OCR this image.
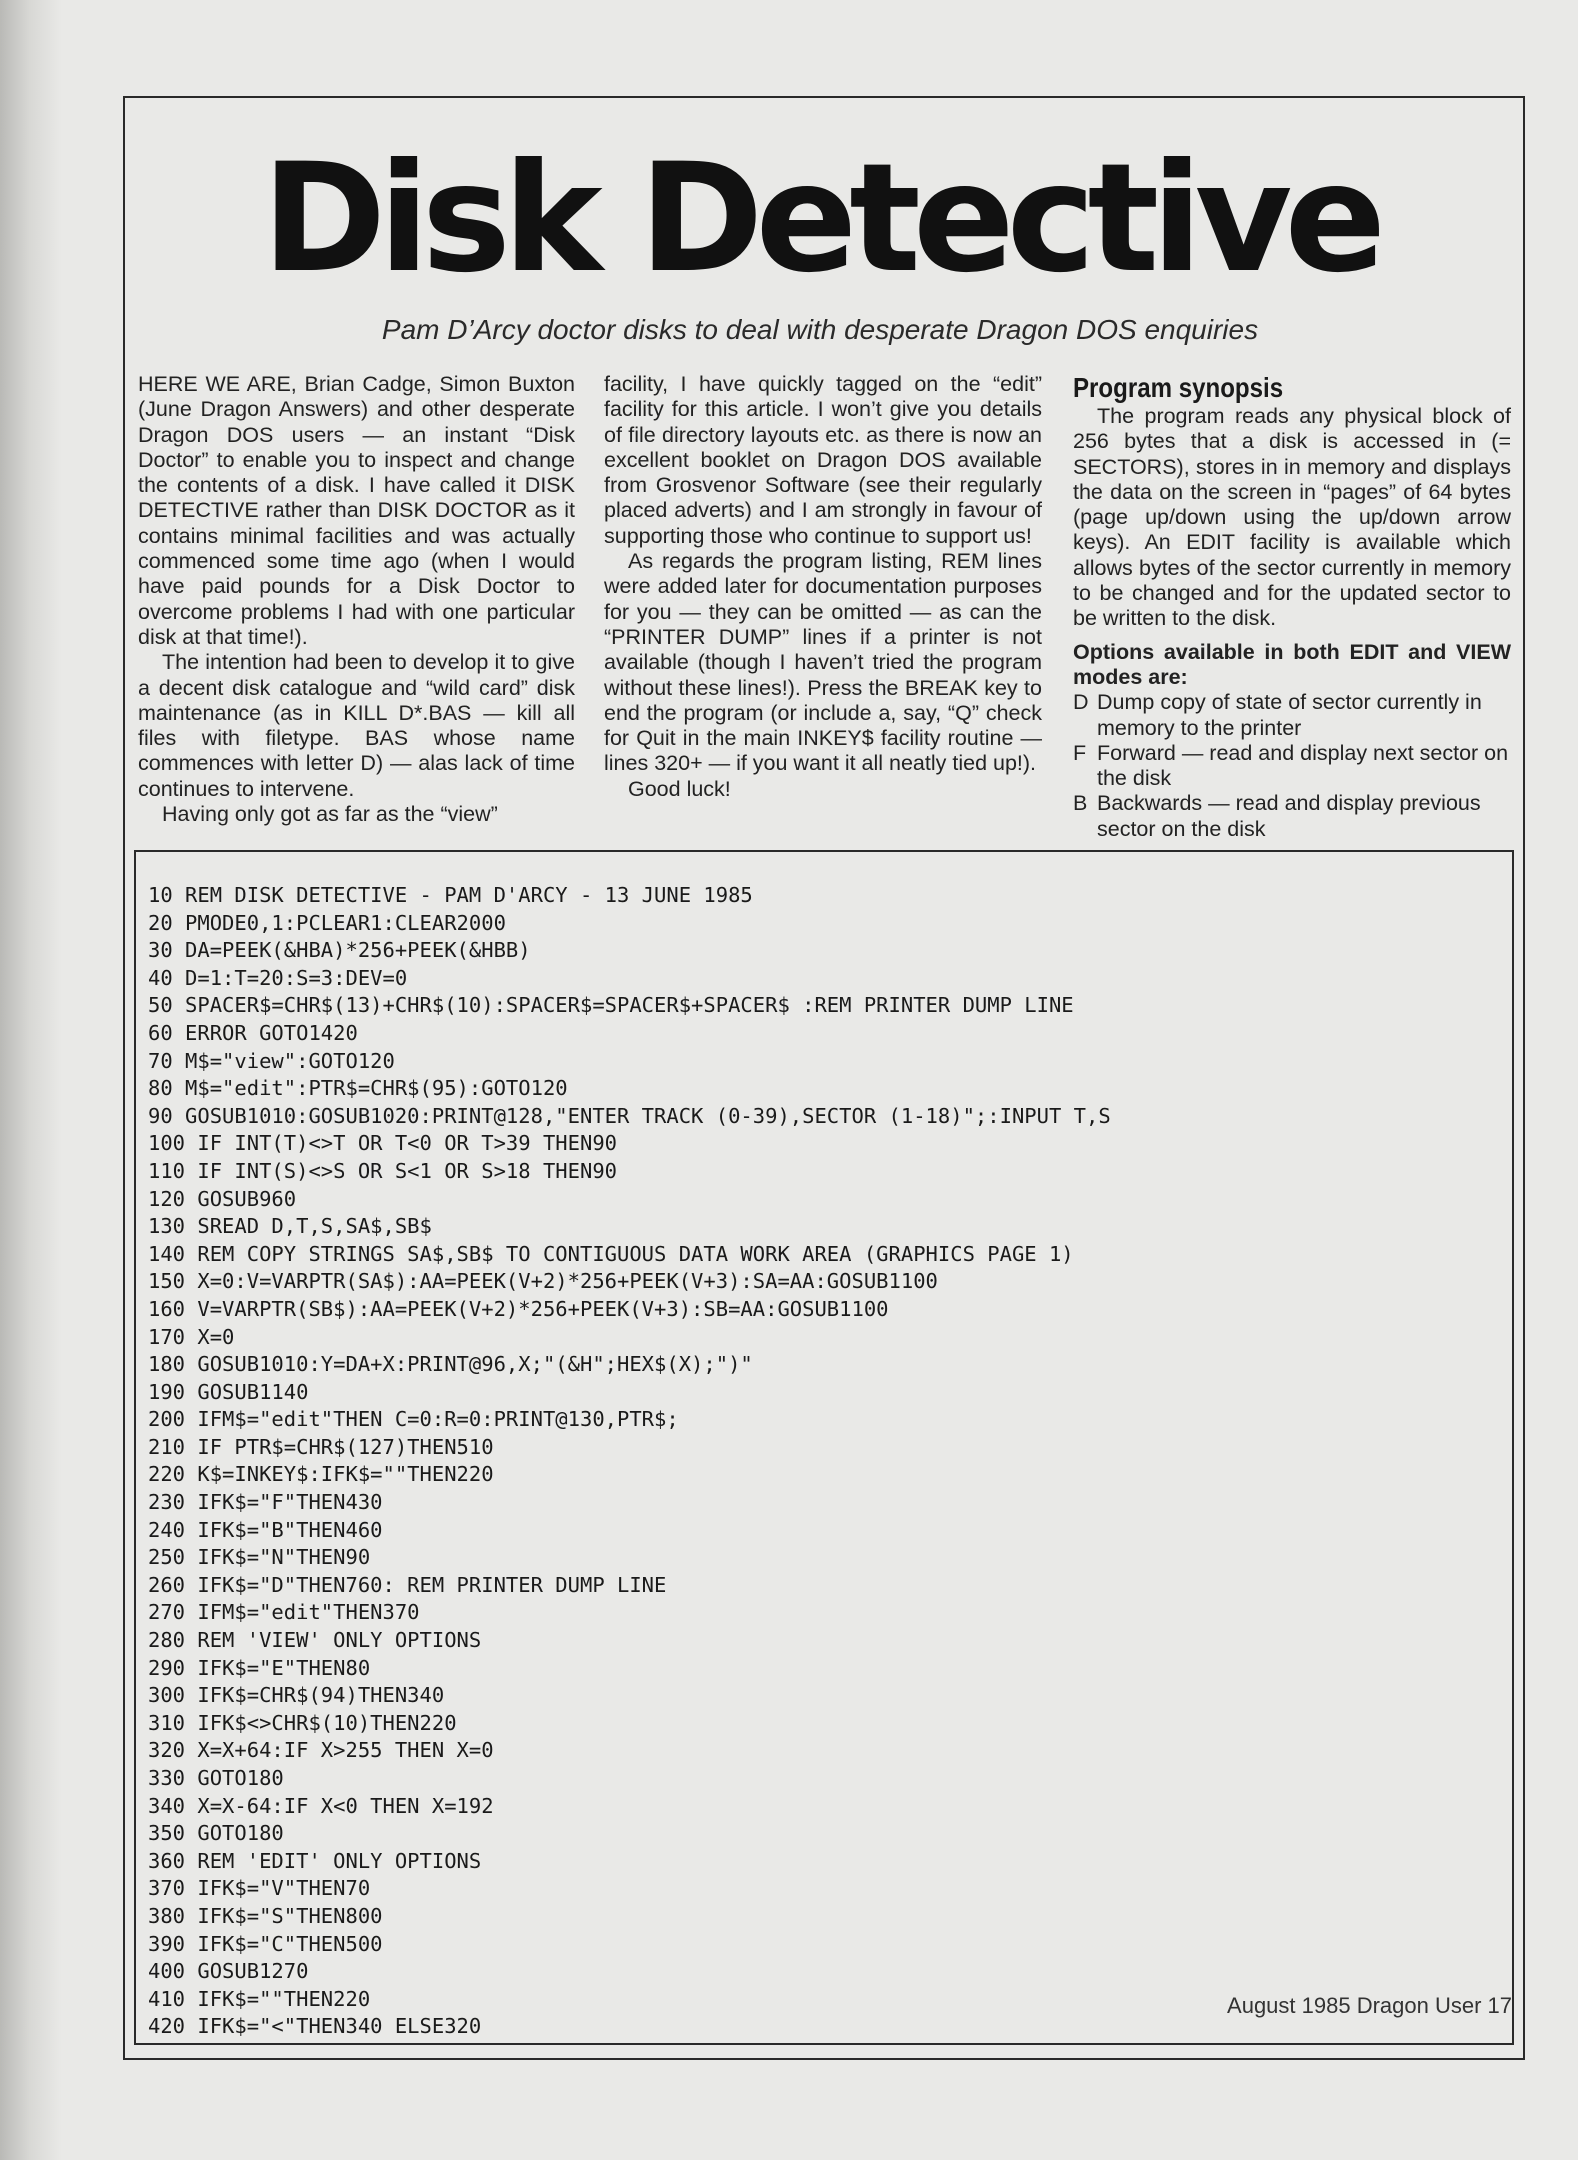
Disk Detective
Pam D’Arcy doctor disks to deal with desperate Dragon DOS enquiries

HERE WE ARE, Brian Cadge, Simon Buxton (June Dragon Answers) and other desperate Dragon DOS users — an instant “Disk Doctor” to enable you to inspect and change the contents of a disk. I have called it DISK DETECTIVE rather than DISK DOCTOR as it contains minimal facilities and was actually commenced some time ago (when I would have paid pounds for a Disk Doctor to overcome problems I had with one particular disk at that time!).

The intention had been to develop it to give a decent disk catalogue and “wild card” disk maintenance (as in KILL D*.BAS — kill all files with filetype. BAS whose name commences with letter D) — alas lack of time continues to intervene.

Having only got as far as the “view”

facility, I have quickly tagged on the “edit” facility for this article. I won’t give you details of file directory layouts etc. as there is now an excellent booklet on Dragon DOS available from Grosvenor Software (see their regularly placed adverts) and I am strongly in favour of supporting those who continue to support us!

As regards the program listing, REM lines were added later for documentation purposes for you — they can be omitted — as can the “PRINTER DUMP” lines if a printer is not available (though I haven’t tried the program without these lines!). Press the BREAK key to end the program (or include a, say, “Q” check for Quit in the main INKEY$ facility routine — lines 320+ — if you want it all neatly tied up!).

Good luck!

Program synopsis

The program reads any physical block of 256 bytes that a disk is accessed in (= SECTORS), stores in in memory and displays the data on the screen in “pages” of 64 bytes (page up/down using the up/down arrow keys). An EDIT facility is available which allows bytes of the sector currently in memory to be changed and for the updated sector to be written to the disk.

Options available in both EDIT and VIEW modes are:

D Dump copy of state of sector currently in memory to the printer
F Forward — read and display next sector on the disk
B Backwards — read and display previous sector on the disk
10 REM DISK DETECTIVE - PAM D'ARCY - 13 JUNE 1985
20 PMODE0,1:PCLEAR1:CLEAR2000
30 DA=PEEK(&HBA)*256+PEEK(&HBB)
40 D=1:T=20:S=3:DEV=0
50 SPACER$=CHR$(13)+CHR$(10):SPACER$=SPACER$+SPACER$ :REM PRINTER DUMP LINE
60 ERROR GOTO1420
70 M$="view":GOTO120
80 M$="edit":PTR$=CHR$(95):GOTO120
90 GOSUB1010:GOSUB1020:PRINT@128,"ENTER TRACK (0-39),SECTOR (1-18)";:INPUT T,S
100 IF INT(T)<>T OR T<0 OR T>39 THEN90
110 IF INT(S)<>S OR S<1 OR S>18 THEN90
120 GOSUB960
130 SREAD D,T,S,SA$,SB$
140 REM COPY STRINGS SA$,SB$ TO CONTIGUOUS DATA WORK AREA (GRAPHICS PAGE 1)
150 X=0:V=VARPTR(SA$):AA=PEEK(V+2)*256+PEEK(V+3):SA=AA:GOSUB1100
160 V=VARPTR(SB$):AA=PEEK(V+2)*256+PEEK(V+3):SB=AA:GOSUB1100
170 X=0
180 GOSUB1010:Y=DA+X:PRINT@96,X;"(&H";HEX$(X);")"
190 GOSUB1140
200 IFM$="edit"THEN C=0:R=0:PRINT@130,PTR$;
210 IF PTR$=CHR$(127)THEN510
220 K$=INKEY$:IFK$=""THEN220
230 IFK$="F"THEN430
240 IFK$="B"THEN460
250 IFK$="N"THEN90
260 IFK$="D"THEN760: REM PRINTER DUMP LINE
270 IFM$="edit"THEN370
280 REM 'VIEW' ONLY OPTIONS
290 IFK$="E"THEN80
300 IFK$=CHR$(94)THEN340
310 IFK$<>CHR$(10)THEN220
320 X=X+64:IF X>255 THEN X=0
330 GOTO180
340 X=X-64:IF X<0 THEN X=192
350 GOTO180
360 REM 'EDIT' ONLY OPTIONS
370 IFK$="V"THEN70
380 IFK$="S"THEN800
390 IFK$="C"THEN500
400 GOSUB1270
410 IFK$=""THEN220
420 IFK$="<"THEN340 ELSE320
August 1985 Dragon User 17
